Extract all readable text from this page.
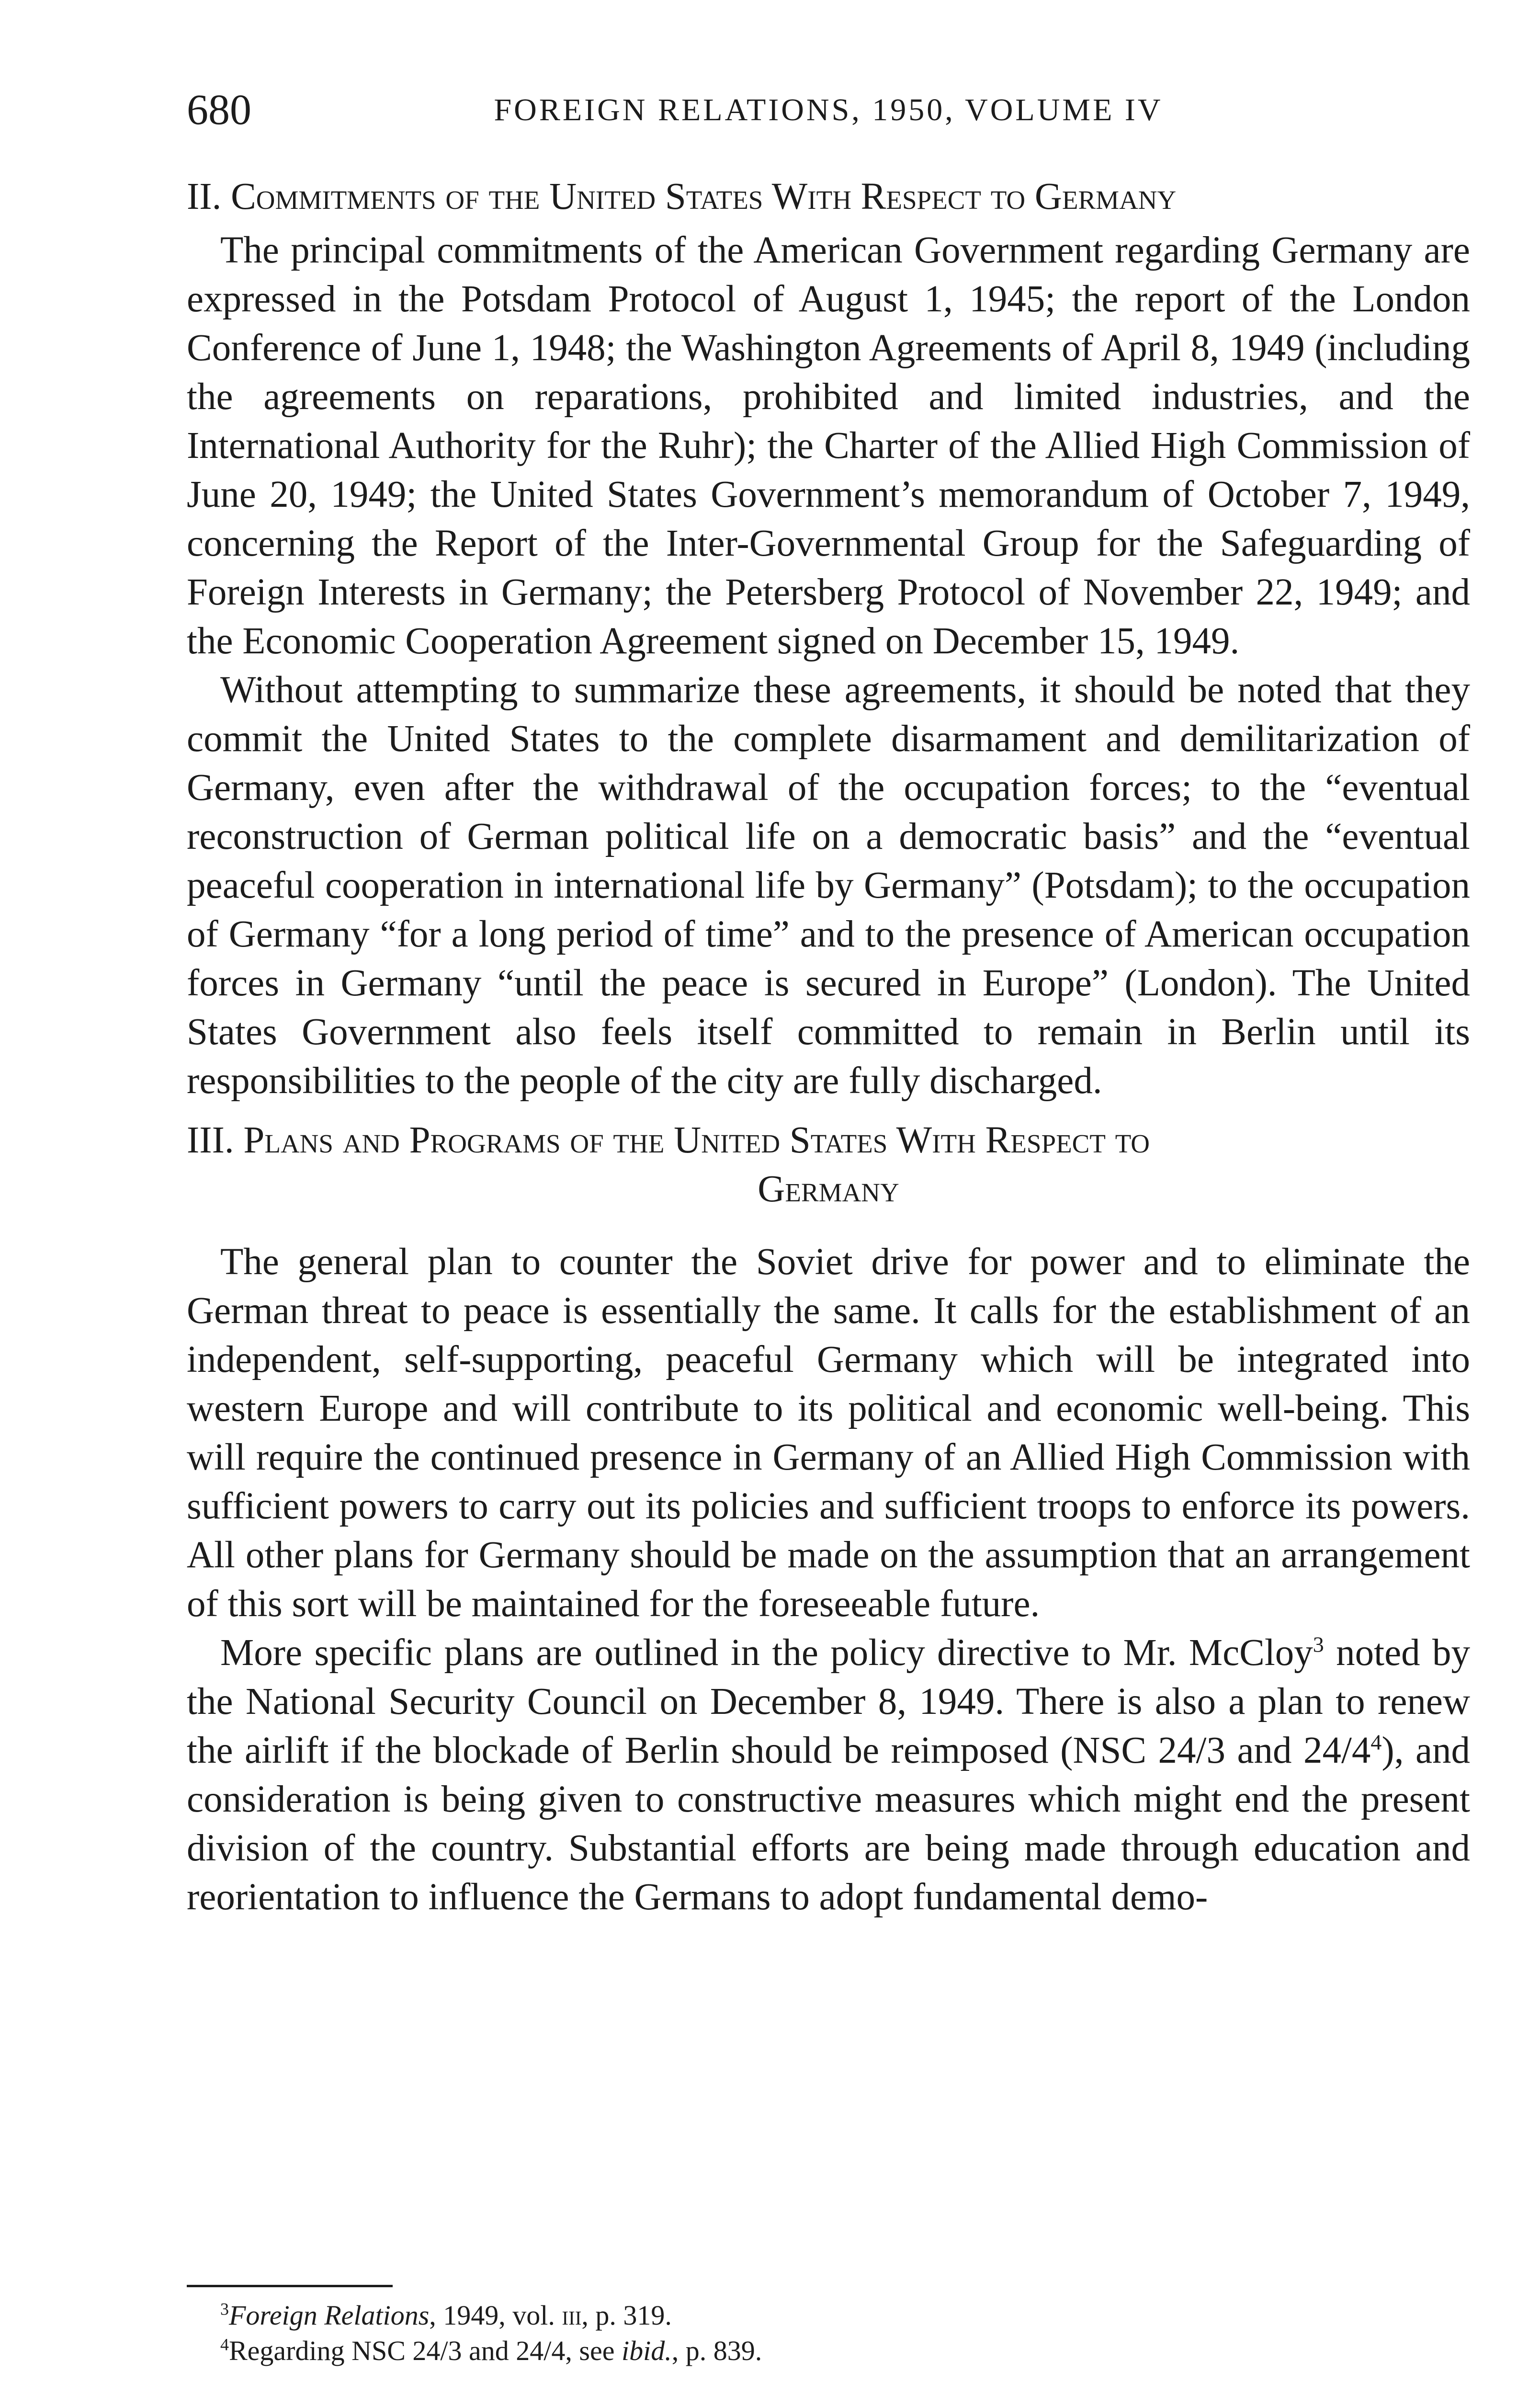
680	FOREIGN RELATIONS, 1950, VOLUME IV

II. Commitments of the United States With Respect to Germany

The principal commitments of the American Government regarding Germany are expressed in the Potsdam Protocol of August 1, 1945; the report of the London Conference of June 1, 1948; the Washington Agreements of April 8, 1949 (including the agreements on reparations, prohibited and limited industries, and the International Authority for the Ruhr); the Charter of the Allied High Commission of June 20, 1949; the United States Government’s memorandum of October 7, 1949, concerning the Report of the Inter-Governmental Group for the Safeguarding of Foreign Interests in Germany; the Petersberg Protocol of November 22, 1949; and the Economic Cooperation Agreement signed on December 15, 1949.

Without attempting to summarize these agreements, it should be noted that they commit the United States to the complete disarmament and demilitarization of Germany, even after the withdrawal of the occupation forces; to the “eventual reconstruction of German political life on a democratic basis” and the “eventual peaceful cooperation in international life by Germany” (Potsdam); to the occupation of Germany “for a long period of time” and to the presence of American occupation forces in Germany “until the peace is secured in Europe” (London). The United States Government also feels itself committed to remain in Berlin until its responsibilities to the people of the city are fully discharged.

III. Plans and Programs of the United States With Respect to
Germany

The general plan to counter the Soviet drive for power and to eliminate the German threat to peace is essentially the same. It calls for the establishment of an independent, self-supporting, peaceful Germany which will be integrated into western Europe and will contribute to its political and economic well-being. This will require the continued presence in Germany of an Allied High Commission with sufficient powers to carry out its policies and sufficient troops to enforce its powers. All other plans for Germany should be made on the assumption that an arrangement of this sort will be maintained for the foreseeable future.

More specific plans are outlined in the policy directive to Mr. McCloy$^3$ noted by the National Security Council on December 8, 1949. There is also a plan to renew the airlift if the blockade of Berlin should be reimposed (NSC 24/3 and $24/4^4$), and consideration is being given to constructive measures which might end the present division of the country. Substantial efforts are being made through education and reorientation to influence the Germans to adopt fundamental demo-

$^3$Foreign Relations, 1949, vol. iii, p. 319.

$^4$Regarding NSC 24/3 and 24/4, see ibid., p. 839.
